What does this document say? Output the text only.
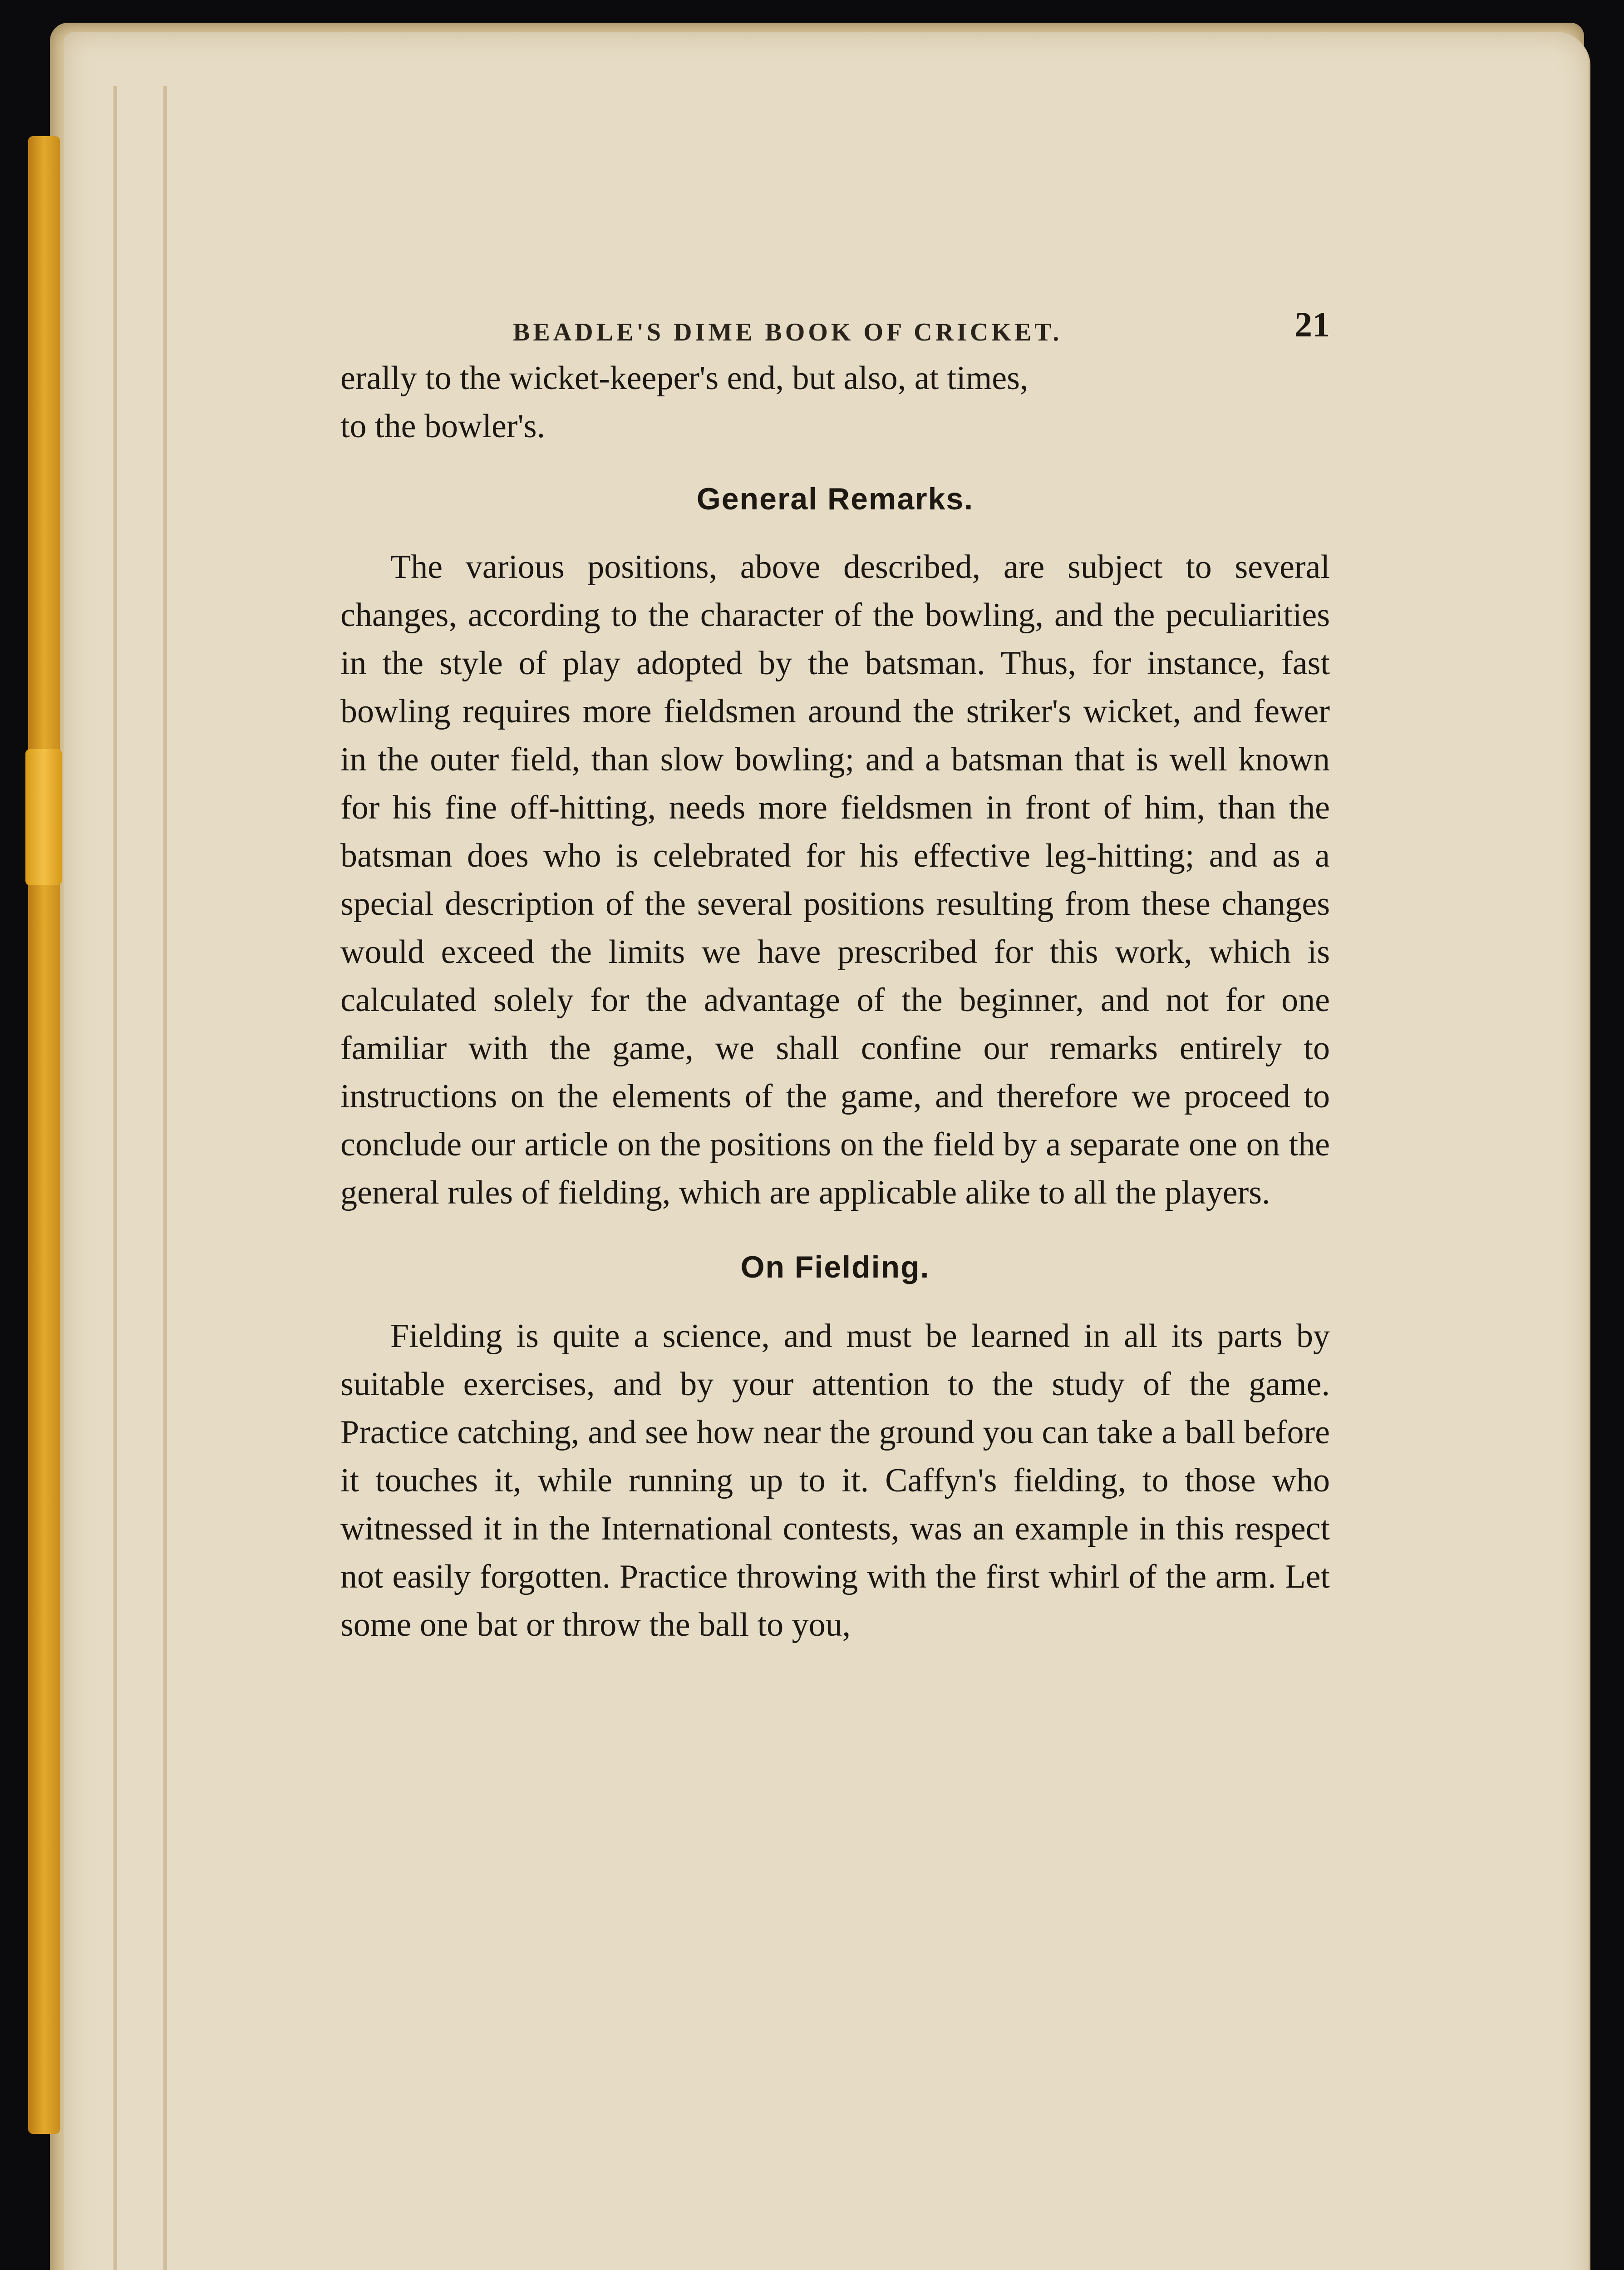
BEADLE'S DIME BOOK OF CRICKET.	21

erally to the wicket-keeper's end, but also, at times,

to the bowler's.

General Remarks.

The various positions, above described, are subject to several changes, according to the character of the bowling, and the peculiarities in the style of play adopted by the batsman. Thus, for instance, fast bowling requires more fieldsmen around the striker's wicket, and fewer in the outer field, than slow bowling; and a batsman that is well known for his fine off-hitting, needs more fieldsmen in front of him, than the batsman does who is celebrated for his effective leg-hitting; and as a special description of the several positions resulting from these changes would exceed the limits we have prescribed for this work, which is calculated solely for the advantage of the beginner, and not for one familiar with the game, we shall confine our remarks entirely to instructions on the elements of the game, and therefore we proceed to conclude our article on the positions on the field by a separate one on the general rules of fielding, which are applicable alike to all the players.

On Fielding.

Fielding is quite a science, and must be learned in all its parts by suitable exercises, and by your attention to the study of the game. Practice catching, and see how near the ground you can take a ball before it touches it, while running up to it. Caffyn's fielding, to those who witnessed it in the International contests, was an example in this respect not easily forgotten. Practice throwing with the first whirl of the arm. Let some one bat or throw the ball to you,
